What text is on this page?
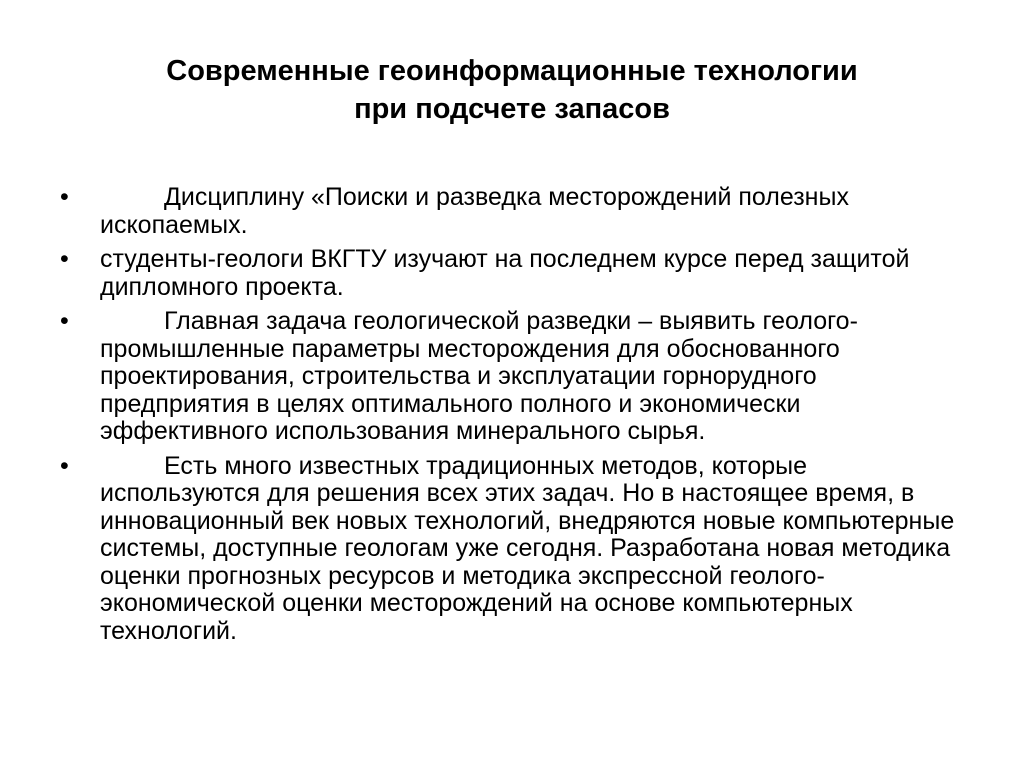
Современные геоинформационные технологии
при подсчете запасов
•	Дисциплину «Поиски и разведка месторождений полезных ископаемых.
•	студенты-геологи ВКГТУ изучают на последнем курсе перед защитой дипломного проекта.
•	Главная задача геологической разведки – выявить геолого-промышленные параметры месторождения для обоснованного проектирования, строительства и эксплуатации горнорудного предприятия в целях оптимального полного и экономически эффективного использования минерального сырья.
•	Есть много известных традиционных методов, которые используются для решения всех этих задач. Но в настоящее время, в инновационный век новых технологий, внедряются новые компьютерные системы, доступные геологам уже сегодня. Разработана новая методика оценки прогнозных ресурсов и методика экспрессной геолого-экономической оценки месторождений на основе компьютерных технологий.
